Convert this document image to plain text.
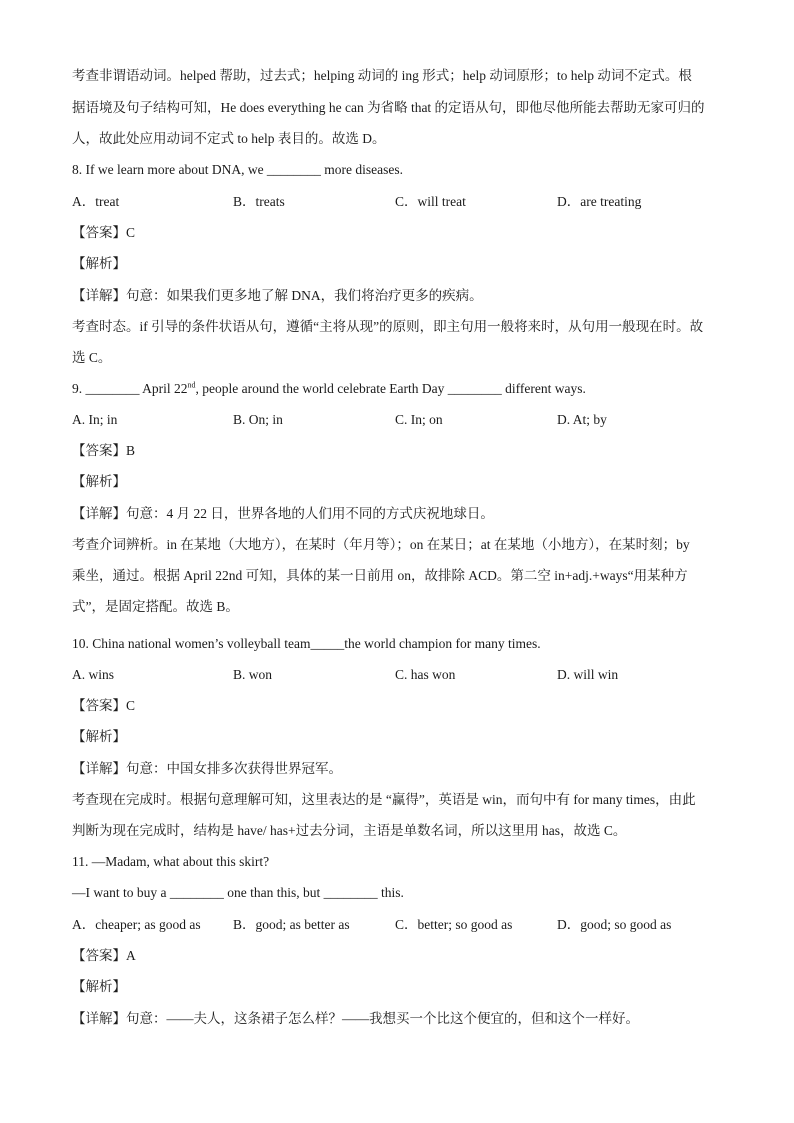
考查非谓语动词。helped 帮助，过去式；helping 动词的 ing 形式；help 动词原形；to help 动词不定式。根
据语境及句子结构可知，He does everything he can 为省略 that 的定语从句，即他尽他所能去帮助无家可归的
人，故此处应用动词不定式 to help 表目的。故选 D。
8. If we learn more about DNA, we ________ more diseases.
A．treat	B．treats	C．will treat	D．are treating
【答案】C
【解析】
【详解】句意：如果我们更多地了解 DNA，我们将治疗更多的疾病。
考查时态。if 引导的条件状语从句，遵循“主将从现”的原则，即主句用一般将来时，从句用一般现在时。故
选 C。
9. ________ April 22nd, people around the world celebrate Earth Day ________ different ways.
A. In; in	B. On; in	C. In; on	D. At; by
【答案】B
【解析】
【详解】句意：4 月 22 日，世界各地的人们用不同的方式庆祝地球日。
考查介词辨析。in 在某地（大地方），在某时（年月等）；on 在某日；at 在某地（小地方），在某时刻；by
乘坐，通过。根据 April 22nd 可知，具体的某一日前用 on，故排除 ACD。第二空 in+adj.+ways“用某种方
式”，是固定搭配。故选 B。
10. China national women’s volleyball team_____the world champion for many times.
A. wins	B. won	C. has won	D. will win
【答案】C
【解析】
【详解】句意：中国女排多次获得世界冠军。
考查现在完成时。根据句意理解可知，这里表达的是 “赢得”，英语是 win，而句中有 for many times，由此
判断为现在完成时，结构是 have/ has+过去分词，主语是单数名词，所以这里用 has，故选 C。
11. —Madam, what about this skirt?
—I want to buy a ________ one than this, but ________ this.
A．cheaper; as good as B．good; as better as	C．better; so good as	D．good; so good as
【答案】A
【解析】
【详解】句意：——夫人，这条裙子怎么样？——我想买一个比这个便宜的，但和这个一样好。
